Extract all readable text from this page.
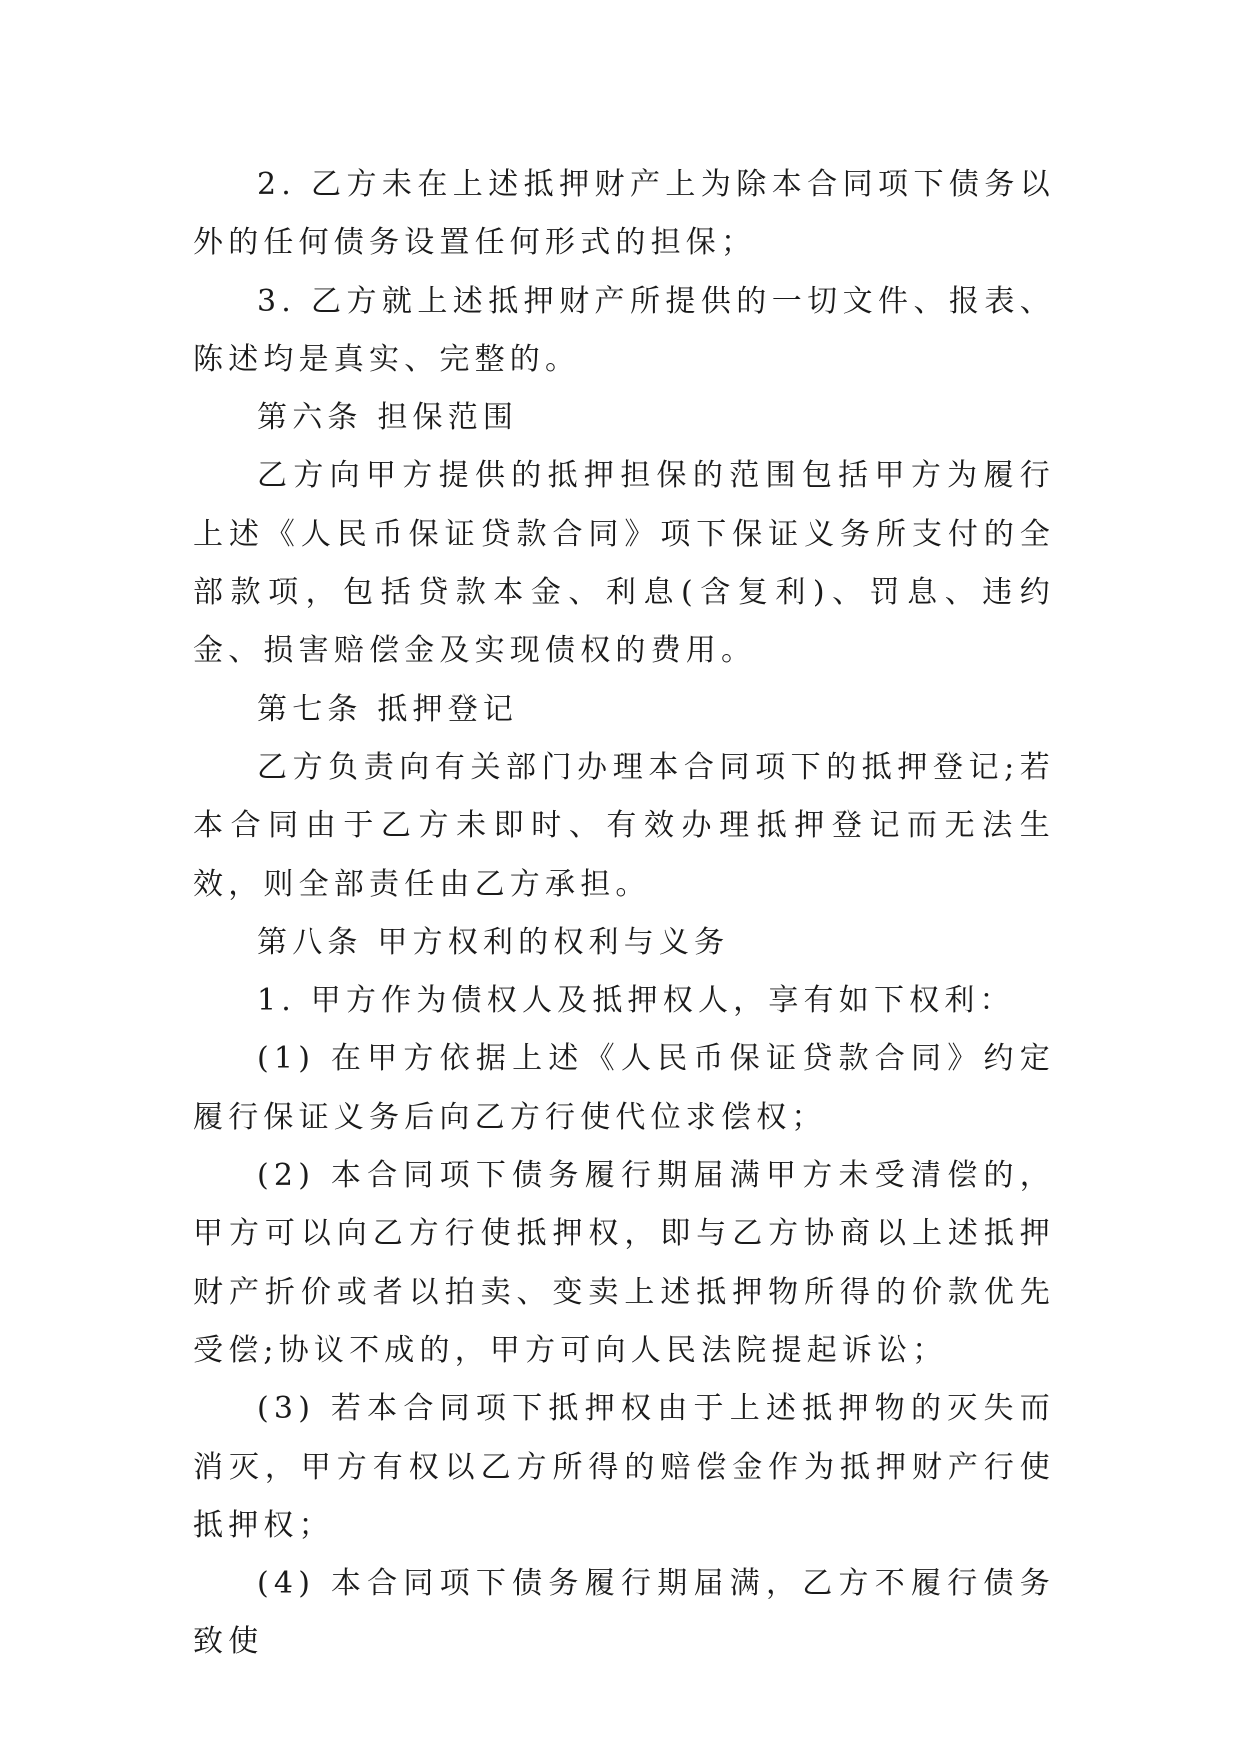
2. 乙方未在上述抵押财产上为除本合同项下债务以外的任何债务设置任何形式的担保；

3. 乙方就上述抵押财产所提供的一切文件、报表、陈述均是真实、完整的。

第六条 担保范围

乙方向甲方提供的抵押担保的范围包括甲方为履行上述《人民币保证贷款合同》项下保证义务所支付的全部款项，包括贷款本金、利息(含复利)、罚息、违约金、损害赔偿金及实现债权的费用。

第七条 抵押登记

乙方负责向有关部门办理本合同项下的抵押登记;若本合同由于乙方未即时、有效办理抵押登记而无法生效，则全部责任由乙方承担。

第八条 甲方权利的权利与义务

1. 甲方作为债权人及抵押权人，享有如下权利：

(1) 在甲方依据上述《人民币保证贷款合同》约定履行保证义务后向乙方行使代位求偿权；

(2) 本合同项下债务履行期届满甲方未受清偿的，甲方可以向乙方行使抵押权，即与乙方协商以上述抵押财产折价或者以拍卖、变卖上述抵押物所得的价款优先受偿;协议不成的，甲方可向人民法院提起诉讼；

(3) 若本合同项下抵押权由于上述抵押物的灭失而消灭，甲方有权以乙方所得的赔偿金作为抵押财产行使抵押权；

(4) 本合同项下债务履行期届满，乙方不履行债务致使
